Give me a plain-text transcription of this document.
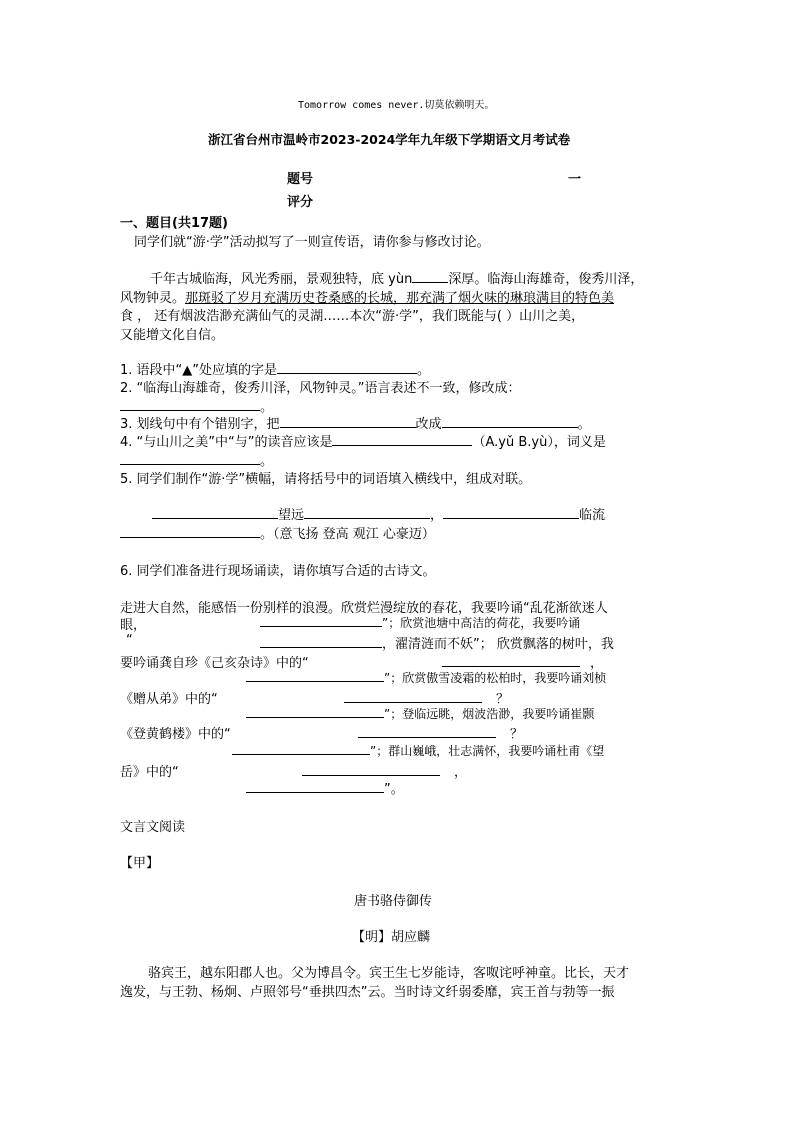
Tomorrow comes never.切莫依赖明天。
浙江省台州市温岭市2023-2024学年九年级下学期语文月考试卷
题号	一
评分
一、题目(共17题)
同学们就“游·学”活动拟写了一则宣传语，请你参与修改讨论。
千年古城临海，风光秀丽，景观独特，底 yùn	深厚。临海山海雄奇，俊秀川泽，
风物钟灵。那斑驳了岁月充满历史苍桑感的长城，那充满了烟火味的琳琅满目的特色美
食 ， 还有烟波浩渺充满仙气的灵湖……本次“游·学”，我们既能与( ）山川之美，
又能增文化自信。
1. 语段中“▲”处应填的字是	。
2. “临海山海雄奇，俊秀川泽，风物钟灵。”语言表述不一致，修改成：
。
3. 划线句中有个错别字，把	改成	。
4. “与山川之美”中“与”的读音应该是	（A.yǔ B.yù），词义是
。
5. 同学们制作“游·学”横幅，请将括号中的词语填入横线中，组成对联。
望远	，	临流
。（意飞扬 登高 观江 心豪迈）
6. 同学们准备进行现场诵读，请你填写合适的古诗文。
走进大自然，能感悟一份别样的浪漫。欣赏烂漫绽放的春花，我要吟诵“乱花渐欲迷人
眼，	”；欣赏池塘中高洁的荷花，我要吟诵
“	，濯清涟而不妖”； 欣赏飘落的树叶，我
要吟诵龚自珍《己亥杂诗》中的“	，
”；欣赏傲雪凌霜的松柏时，我要吟诵刘桢
《赠从弟》中的“	？
”；登临远眺，烟波浩渺，我要吟诵崔颢
《登黄鹤楼》中的“	？
”；群山巍峨，壮志满怀，我要吟诵杜甫《望
岳》中的“	，
”。
文言文阅读
【甲】
唐书骆侍御传
【明】胡应麟
骆宾王，越东阳郡人也。父为博昌令。宾王生七岁能诗，客呶诧呼神童。比长，天才
逸发，与王勃、杨炯、卢照邻号“垂拱四杰”云。当时诗文纤弱委靡，宾王首与勃等一振
